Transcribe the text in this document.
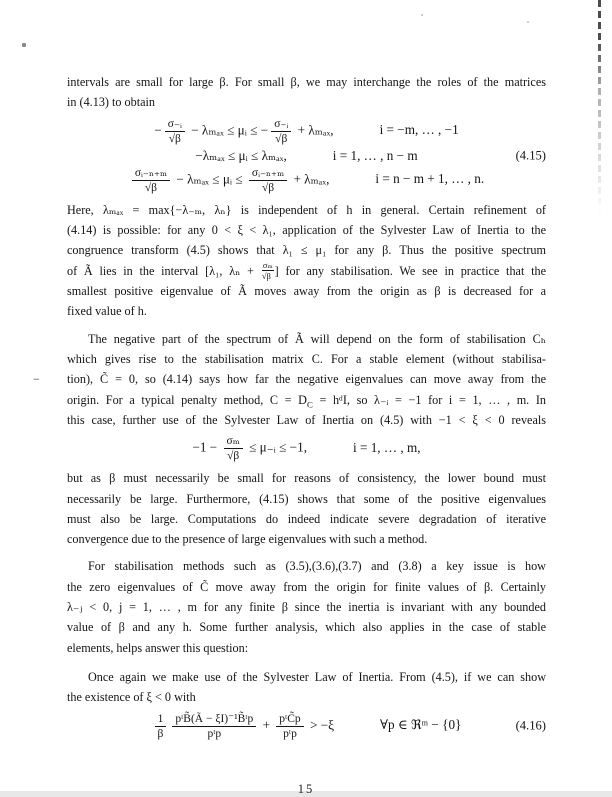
intervals are small for large β. For small β, we may interchange the roles of the matrices
in (4.13) to obtain
− $\frac{\text{σ₋ᵢ}}{√\beta} - \lambda_{max}$ ≤ μᵢ ≤ − $\frac{\text{σ₋ᵢ}}{√\beta} + \lambda_{max}$,	i = −m, … , −1
−λₘₐₓ ≤ μᵢ ≤ λₘₐₓ,	i = 1, … , n − m
$\frac{\text{σᵢ₋ₙ₊ₘ}}{√\beta} - \lambda_{max}$ ≤ μᵢ ≤ $\frac{\text{σᵢ₋ₙ₊ₘ}}{√\beta} + \lambda_{max}$,	i = n − m + 1, … , n.
(4.15)
Here, λₘₐₓ = max{−λ₋ₘ, λₙ} is independent of h in general. Certain refinement of
(4.14) is possible: for any 0 < ξ < λ₁, application of the Sylvester Law of Inertia to the
congruence transform (4.5) shows that λ₁ ≤ μ₁ for any β. Thus the positive spectrum
of Ã lies in the interval [λ₁, $\lambda_n + \frac{\text{σₘ}}{√\beta}$ ] for any stabilisation. We see in practice that the
smallest positive eigenvalue of Ã moves away from the origin as β is decreased for a
fixed value of h.
The negative part of the spectrum of Ã will depend on the form of stabilisation Cₕ
which gives rise to the stabilisation matrix C. For a stable element (without stabilisa-
− tion), C̃ = 0, so (4.14) says how far the negative eigenvalues can move away from the
origin. For a typical penalty method, $C = D_C$ = hᵈI, so λ₋ᵢ = −1 for i = 1, … , m. In
this case, further use of the Sylvester Law of Inertia on (4.5) with −1 < ξ < 0 reveals
$-1 - \frac{\text{σₘ}}{√\beta}$ ≤ μ₋ᵢ ≤ −1,	i = 1, … , m,
but as β must necessarily be small for reasons of consistency, the lower bound must
necessarily be large. Furthermore, (4.15) shows that some of the positive eigenvalues
must also be large. Computations do indeed indicate severe degradation of iterative
convergence due to the presence of large eigenvalues with such a method.
For stabilisation methods such as (3.5),(3.6),(3.7) and (3.8) a key issue is how
the zero eigenvalues of C̃ move away from the origin for finite values of β. Certainly
λ₋ⱼ < 0, j = 1, … , m for any finite β since the inertia is invariant with any bounded
value of β and any h. Some further analysis, which also applies in the case of stable
elements, helps answer this question:
Once again we make use of the Sylvester Law of Inertia. From (4.5), if we can show
the existence of ξ < 0 with
$\frac{1}{\beta} \frac{\text{pᵗB̃(Ã − ξI)⁻¹B̃ᵗp}}{\text{pᵗp}} + \frac{\text{pᵗC̃p}}{\text{pᵗp}} > -\xi$	∀p ∈ ℜᵐ − {0}	(4.16)
15
